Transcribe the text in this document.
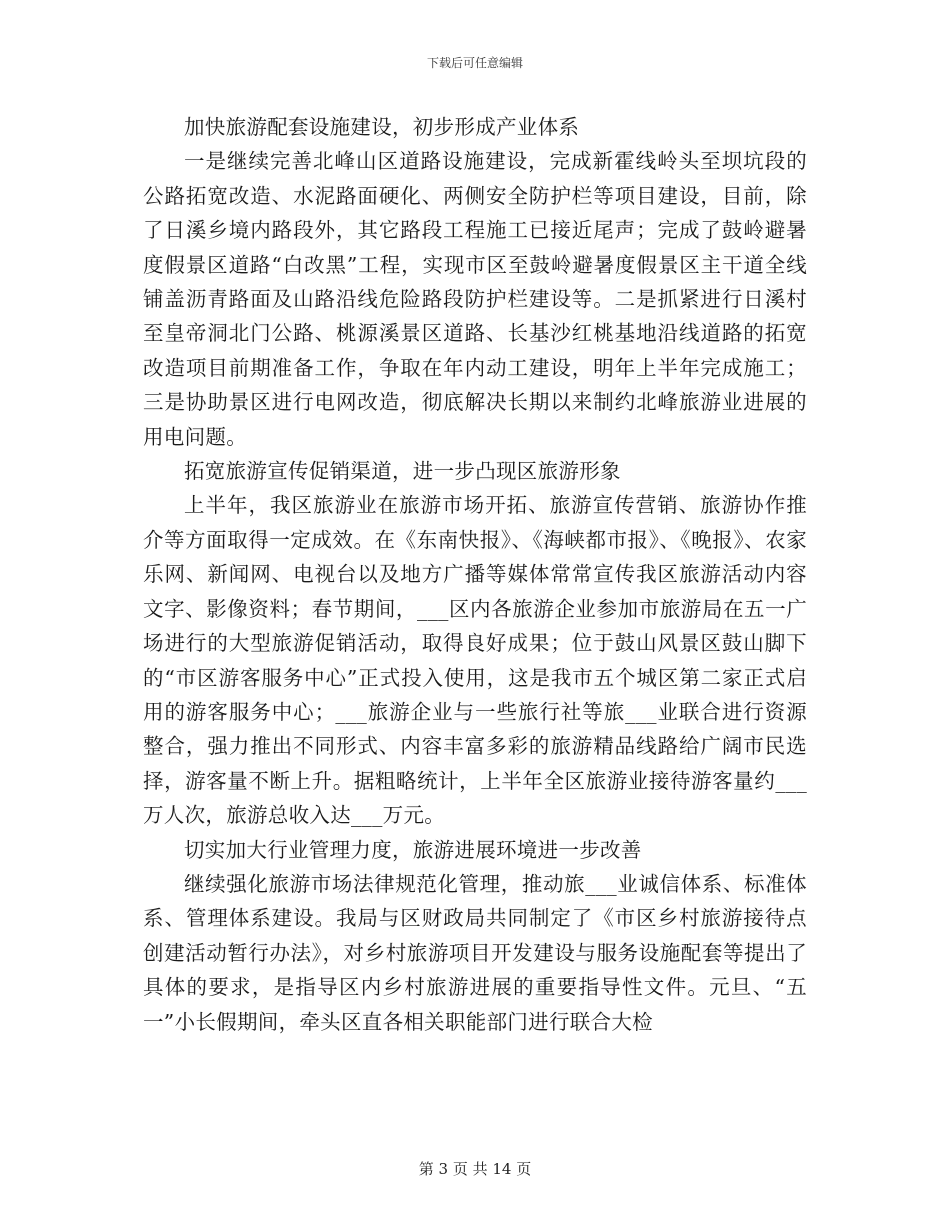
下载后可任意编辑

加快旅游配套设施建设，初步形成产业体系

一是继续完善北峰山区道路设施建设，完成新霍线岭头至坝坑段的公路拓宽改造、水泥路面硬化、两侧安全防护栏等项目建设，目前，除了日溪乡境内路段外，其它路段工程施工已接近尾声；完成了鼓岭避暑度假景区道路“白改黑”工程，实现市区至鼓岭避暑度假景区主干道全线铺盖沥青路面及山路沿线危险路段防护栏建设等。二是抓紧进行日溪村至皇帝洞北门公路、桃源溪景区道路、长基沙红桃基地沿线道路的拓宽改造项目前期准备工作，争取在年内动工建设，明年上半年完成施工；三是协助景区进行电网改造，彻底解决长期以来制约北峰旅游业进展的用电问题。

拓宽旅游宣传促销渠道，进一步凸现区旅游形象

上半年，我区旅游业在旅游市场开拓、旅游宣传营销、旅游协作推介等方面取得一定成效。在《东南快报》、《海峡都市报》、《晚报》、农家乐网、新闻网、电视台以及地方广播等媒体常常宣传我区旅游活动内容文字、影像资料；春节期间，___区内各旅游企业参加市旅游局在五一广场进行的大型旅游促销活动，取得良好成果；位于鼓山风景区鼓山脚下的“市区游客服务中心”正式投入使用，这是我市五个城区第二家正式启用的游客服务中心；___旅游企业与一些旅行社等旅___业联合进行资源整合，强力推出不同形式、内容丰富多彩的旅游精品线路给广阔市民选择，游客量不断上升。据粗略统计，上半年全区旅游业接待游客量约___万人次，旅游总收入达___万元。

切实加大行业管理力度，旅游进展环境进一步改善

继续强化旅游市场法律规范化管理，推动旅___业诚信体系、标准体系、管理体系建设。我局与区财政局共同制定了《市区乡村旅游接待点创建活动暂行办法》，对乡村旅游项目开发建设与服务设施配套等提出了具体的要求，是指导区内乡村旅游进展的重要指导性文件。元旦、“五一”小长假期间，牵头区直各相关职能部门进行联合大检

第 3 页 共 14 页
